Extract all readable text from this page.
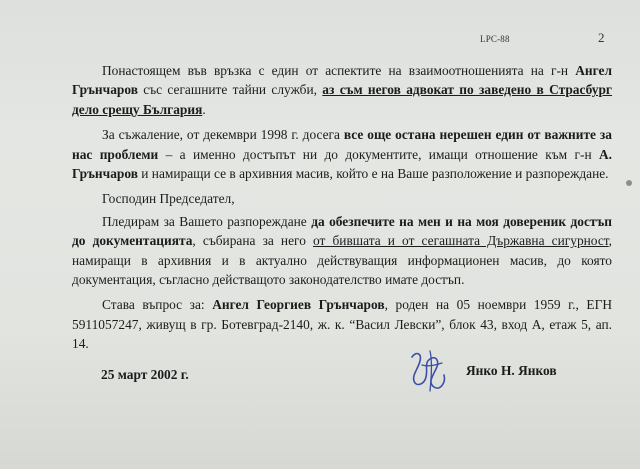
LPC-88	2

Понастоящем във връзка с един от аспектите на взаимоотношенията на г-н Ангел Грънчаров със сегашните тайни служби, аз съм негов адвокат по заведено в Страсбург дело срещу България.

За съжаление, от декември 1998 г. досега все още остана нерешен един от важните за нас проблеми – а именно достъпът ни до документите, имащи отношение към г-н А. Грънчаров и намиращи се в архивния масив, който е на Ваше разположение и разпореждане.

Господин Председател,

Пледирам за Вашето разпореждане да обезпечите на мен и на моя доверeник достъп до документацията, събирана за него от бившата и от сегашната Държавна сигурност, намиращи в архивния и в актуално действуващия информационен масив, до която документация, съгласно действащото законодателство имате достъп.

Става въпрос за: Ангел Георгиев Грънчаров, роден на 05 ноември 1959 г., ЕГН 5911057247, живущ в гр. Ботевград-2140, ж. к. “Васил Левски”, блок 43, вход А, етаж 5, ап. 14.

25 март 2002 г.	Янко Н. Янков
